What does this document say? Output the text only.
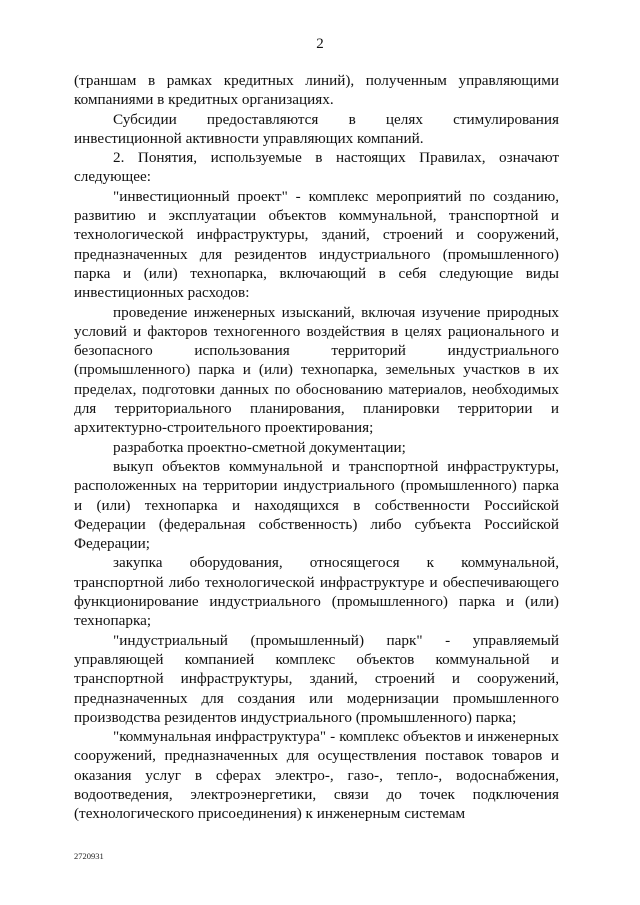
2

(траншам в рамках кредитных линий), полученным управляющими компаниями в кредитных организациях.

Субсидии предоставляются в целях стимулирования инвестиционной активности управляющих компаний.

2. Понятия, используемые в настоящих Правилах, означают следующее:

"инвестиционный проект" - комплекс мероприятий по созданию, развитию и эксплуатации объектов коммунальной, транспортной и технологической инфраструктуры, зданий, строений и сооружений, предназначенных для резидентов индустриального (промышленного) парка и (или) технопарка, включающий в себя следующие виды инвестиционных расходов:

проведение инженерных изысканий, включая изучение природных условий и факторов техногенного воздействия в целях рационального и безопасного использования территорий индустриального (промышленного) парка и (или) технопарка, земельных участков в их пределах, подготовки данных по обоснованию материалов, необходимых для территориального планирования, планировки территории и архитектурно-строительного проектирования;

разработка проектно-сметной документации;

выкуп объектов коммунальной и транспортной инфраструктуры, расположенных на территории индустриального (промышленного) парка и (или) технопарка и находящихся в собственности Российской Федерации (федеральная собственность) либо субъекта Российской Федерации;

закупка оборудования, относящегося к коммунальной, транспортной либо технологической инфраструктуре и обеспечивающего функционирование индустриального (промышленного) парка и (или) технопарка;

"индустриальный (промышленный) парк" - управляемый управляющей компанией комплекс объектов коммунальной и транспортной инфраструктуры, зданий, строений и сооружений, предназначенных для создания или модернизации промышленного производства резидентов индустриального (промышленного) парка;

"коммунальная инфраструктура" - комплекс объектов и инженерных сооружений, предназначенных для осуществления поставок товаров и оказания услуг в сферах электро-, газо-, тепло-, водоснабжения, водоотведения, электроэнергетики, связи до точек подключения (технологического присоединения) к инженерным системам

2720931
